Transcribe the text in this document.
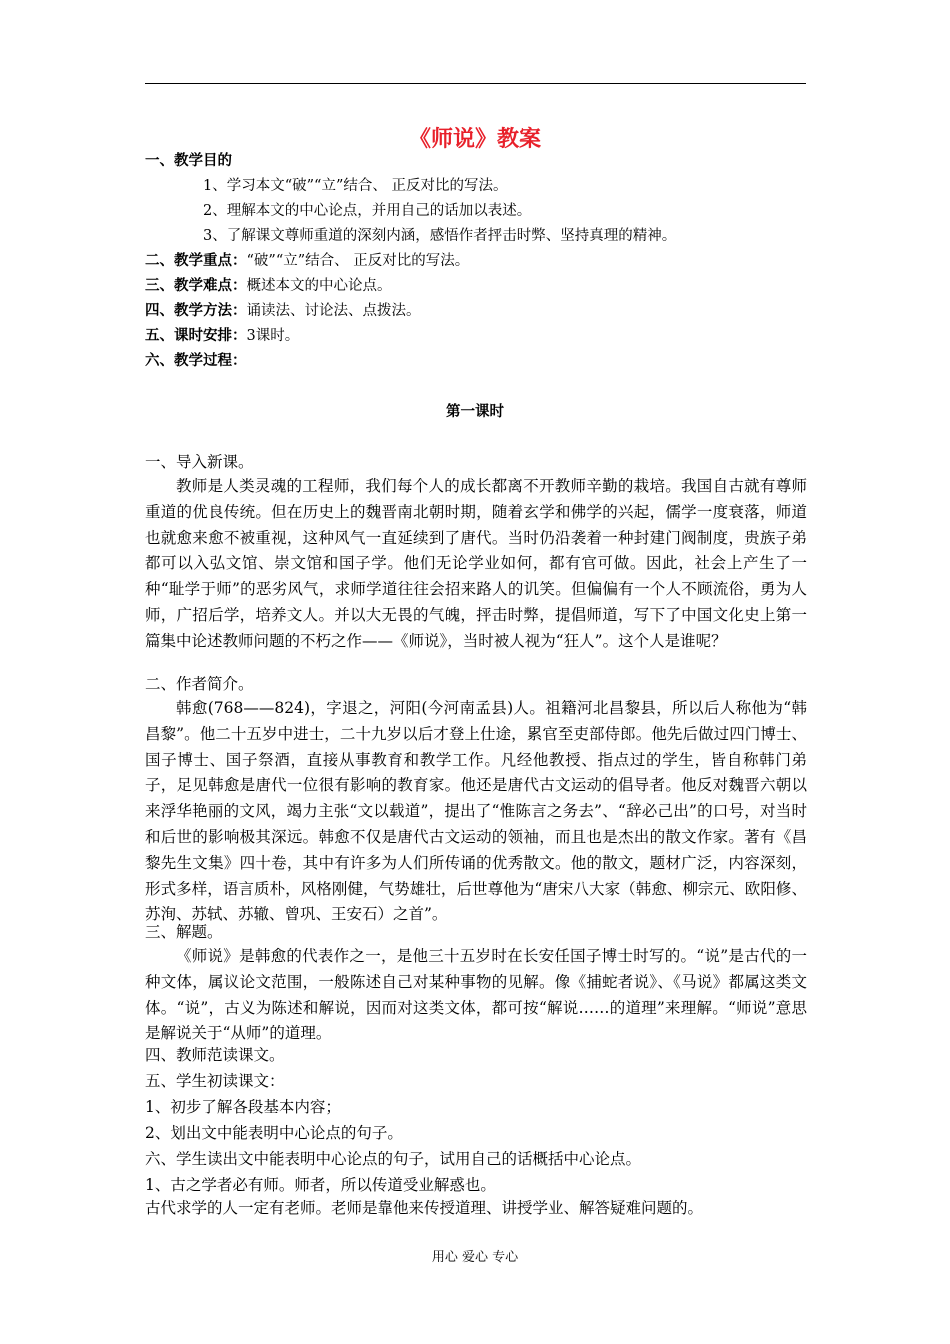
《师说》教案
一、教学目的
1、学习本文“破”“立”结合、 正反对比的写法。
2、理解本文的中心论点，并用自己的话加以表述。
3、了解课文尊师重道的深刻内涵，感悟作者抨击时弊、坚持真理的精神。
二、教学重点：“破”“立”结合、 正反对比的写法。
三、教学难点：概述本文的中心论点。
四、教学方法：诵读法、讨论法、点拨法。
五、课时安排：3课时。
六、教学过程：
第一课时
一、导入新课。

教师是人类灵魂的工程师，我们每个人的成长都离不开教师辛勤的栽培。我国自古就有尊师重道的优良传统。但在历史上的魏晋南北朝时期，随着玄学和佛学的兴起，儒学一度衰落，师道也就愈来愈不被重视，这种风气一直延续到了唐代。当时仍沿袭着一种封建门阀制度，贵族子弟都可以入弘文馆、崇文馆和国子学。他们无论学业如何，都有官可做。因此，社会上产生了一种“耻学于师”的恶劣风气，求师学道往往会招来路人的讥笑。但偏偏有一个人不顾流俗，勇为人师，广招后学，培养文人。并以大无畏的气魄，抨击时弊，提倡师道，写下了中国文化史上第一篇集中论述教师问题的不朽之作——《师说》，当时被人视为“狂人”。这个人是谁呢？

二、作者简介。

韩愈(768——824)，字退之，河阳(今河南孟县)人。祖籍河北昌黎县，所以后人称他为“韩昌黎”。他二十五岁中进士，二十九岁以后才登上仕途，累官至吏部侍郎。他先后做过四门博士、国子博士、国子祭酒，直接从事教育和教学工作。凡经他教授、指点过的学生，皆自称韩门弟子，足见韩愈是唐代一位很有影响的教育家。他还是唐代古文运动的倡导者。他反对魏晋六朝以来浮华艳丽的文风，竭力主张“文以载道”，提出了“惟陈言之务去”、“辞必己出”的口号，对当时和后世的影响极其深远。韩愈不仅是唐代古文运动的领袖，而且也是杰出的散文作家。著有《昌黎先生文集》四十卷，其中有许多为人们所传诵的优秀散文。他的散文，题材广泛，内容深刻，形式多样，语言质朴，风格刚健，气势雄壮，后世尊他为“唐宋八大家（韩愈、柳宗元、欧阳修、苏洵、苏轼、苏辙、曾巩、王安石）之首”。

三、解题。

《师说》是韩愈的代表作之一，是他三十五岁时在长安任国子博士时写的。“说”是古代的一种文体，属议论文范围，一般陈述自己对某种事物的见解。像《捕蛇者说》、《马说》都属这类文体。“说”，古义为陈述和解说，因而对这类文体，都可按“解说……的道理”来理解。“师说”意思是解说关于“从师”的道理。

四、教师范读课文。
五、学生初读课文：
1、初步了解各段基本内容；
2、划出文中能表明中心论点的句子。
六、学生读出文中能表明中心论点的句子，试用自己的话概括中心论点。
1、古之学者必有师。师者，所以传道受业解惑也。
古代求学的人一定有老师。老师是靠他来传授道理、讲授学业、解答疑难问题的。
用心 爱心 专心
